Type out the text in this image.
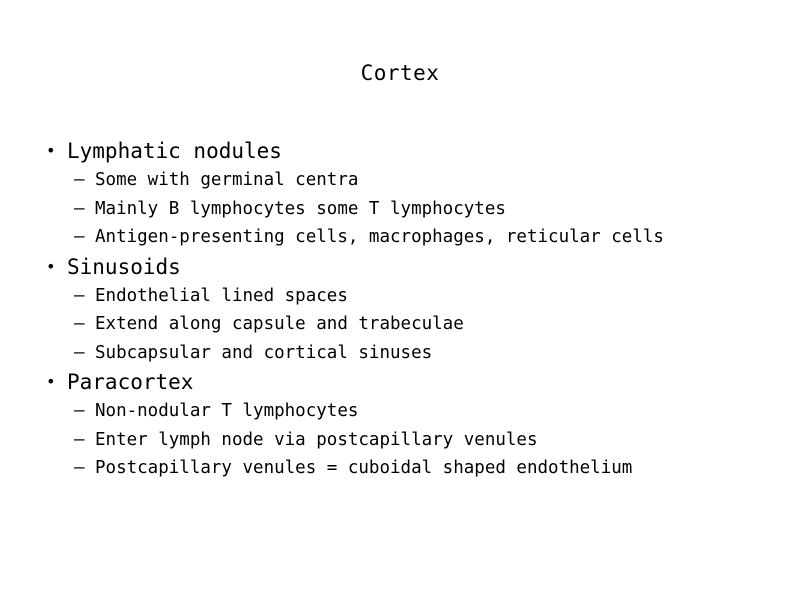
Cortex
• Lymphatic nodules
– Some with germinal centra
– Mainly B lymphocytes some T lymphocytes
– Antigen-presenting cells, macrophages, reticular cells
• Sinusoids
– Endothelial lined spaces
– Extend along capsule and trabeculae
– Subcapsular and cortical sinuses
• Paracortex
– Non-nodular T lymphocytes
– Enter lymph node via postcapillary venules
– Postcapillary venules = cuboidal shaped endothelium
